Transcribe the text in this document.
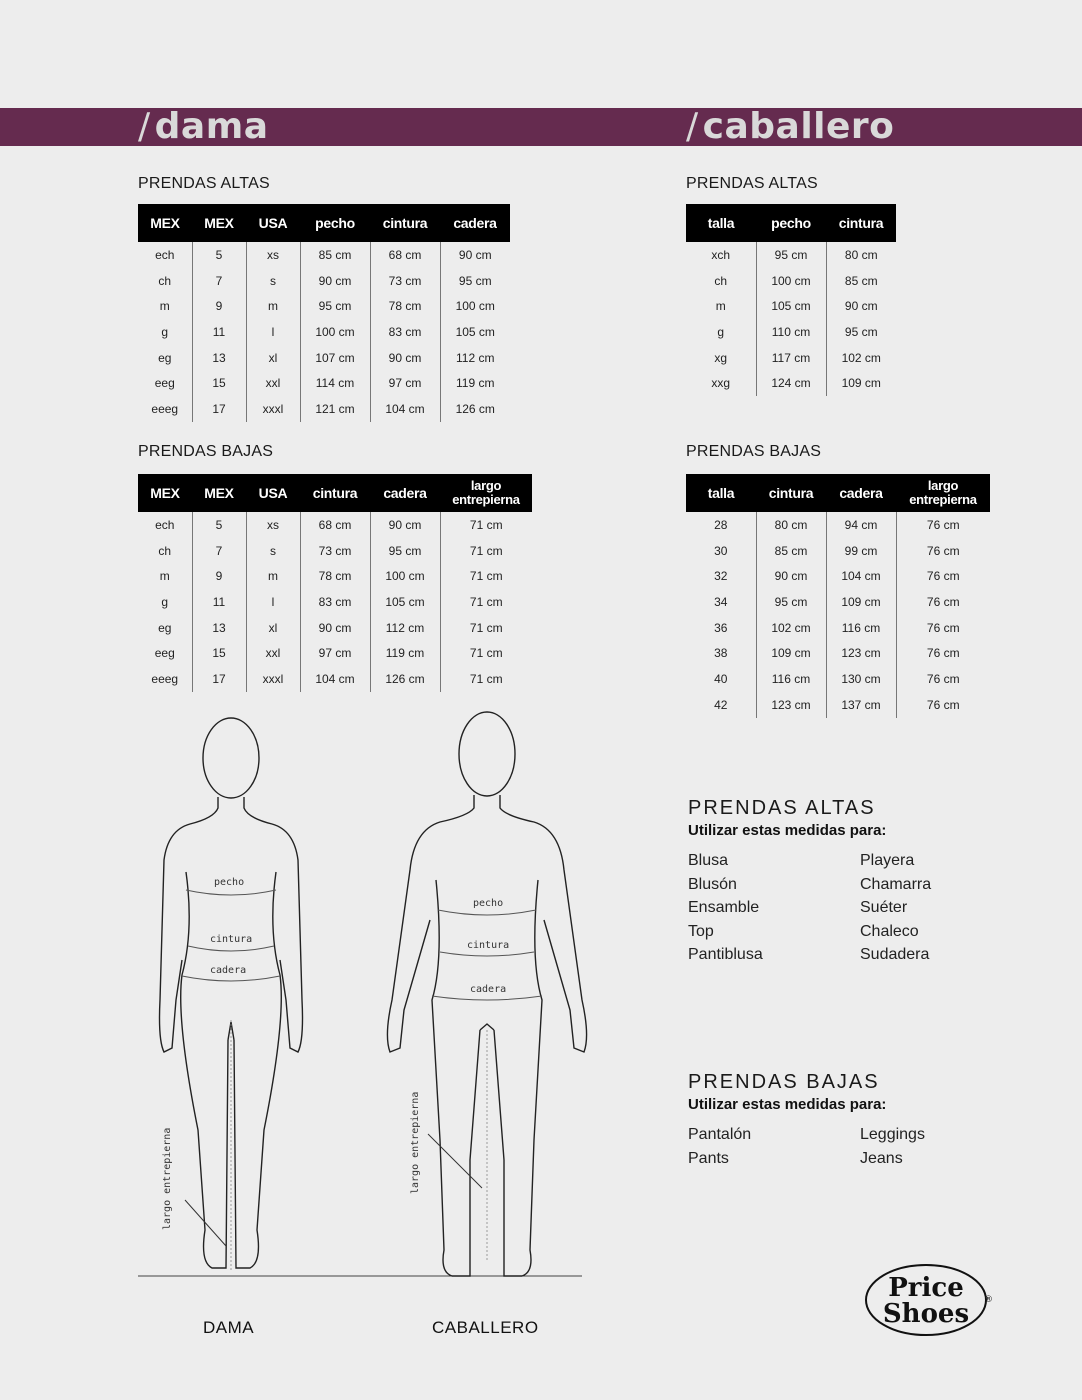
/ dama	/ caballero
PRENDAS ALTAS
PRENDAS BAJAS
PRENDAS ALTAS
PRENDAS BAJAS
MEX	MEX	USA	pecho	cintura	cadera
ech	5	xs	85 cm	68 cm	90 cm
ch	7	s	90 cm	73 cm	95 cm
m	9	m	95 cm	78 cm	100 cm
g	11	l	100 cm	83 cm	105 cm
eg	13	xl	107 cm	90 cm	112 cm
eeg	15	xxl	114 cm	97 cm	119 cm
eeeg	17	xxxl	121 cm	104 cm	126 cm
MEX	MEX	USA	cintura	cadera	largo
entrepierna

ech	5	xs	68 cm	90 cm	71 cm
ch	7	s	73 cm	95 cm	71 cm
m	9	m	78 cm	100 cm	71 cm
g	11	l	83 cm	105 cm	71 cm
eg	13	xl	90 cm	112 cm	71 cm
eeg	15	xxl	97 cm	119 cm	71 cm
eeeg	17	xxxl	104 cm	126 cm	71 cm
talla	pecho	cintura
xch	95 cm	80 cm
ch	100 cm	85 cm
m	105 cm	90 cm
g	110 cm	95 cm
xg	117 cm	102 cm
xxg	124 cm	109 cm
talla	cintura	cadera	largo
entrepierna

28	80 cm	94 cm	76 cm
30	85 cm	99 cm	76 cm
32	90 cm	104 cm	76 cm
34	95 cm	109 cm	76 cm
36	102 cm	116 cm	76 cm
38	109 cm	123 cm	76 cm
40	116 cm	130 cm	76 cm
42	123 cm	137 cm	76 cm
PRENDAS ALTAS
Utilizar estas medidas para:
Blusa
Blusón
Ensamble
Top
Pantiblusa
Playera
Chamarra
Suéter
Chaleco
Sudadera
PRENDAS BAJAS
Utilizar estas medidas para:
Pantalón
Pants
Leggings
Jeans
pecho
cintura
cadera
pecho
cintura
cadera
largo entrepierna	largo entrepierna
DAMA	CABALLERO
Price
Shoes ®
